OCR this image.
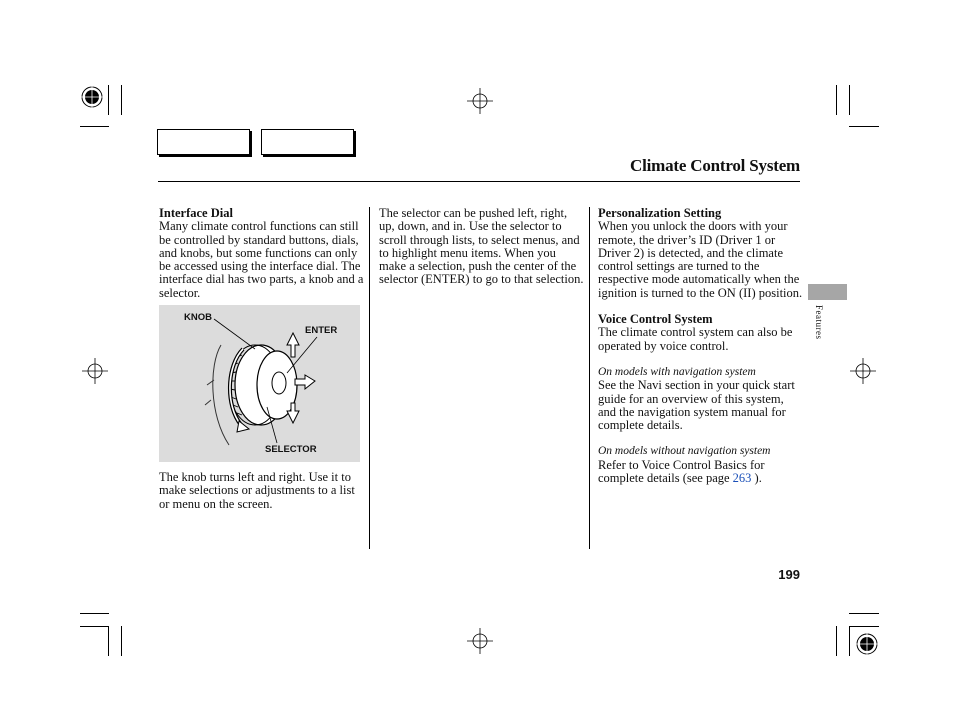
Climate Control System

Interface Dial

Many climate control functions can still be controlled by standard buttons, dials, and knobs, but some functions can only be accessed using the interface dial. The interface dial has two parts, a knob and a selector.

KNOB
ENTER
SELECTOR

The knob turns left and right. Use it to make selections or adjustments to a list or menu on the screen.

The selector can be pushed left, right, up, down, and in. Use the selector to scroll through lists, to select menus, and to highlight menu items. When you make a selection, push the center of the selector (ENTER) to go to that selection.

Personalization Setting

When you unlock the doors with your remote, the driver’s ID (Driver 1 or Driver 2) is detected, and the climate control settings are turned to the respective mode automatically when the ignition is turned to the ON (II) position.

Voice Control System

The climate control system can also be operated by voice control.

On models with navigation system

See the Navi section in your quick start guide for an overview of this system, and the navigation system manual for complete details.

On models without navigation system

Refer to Voice Control Basics for complete details (see page 263 ).

Features
199
